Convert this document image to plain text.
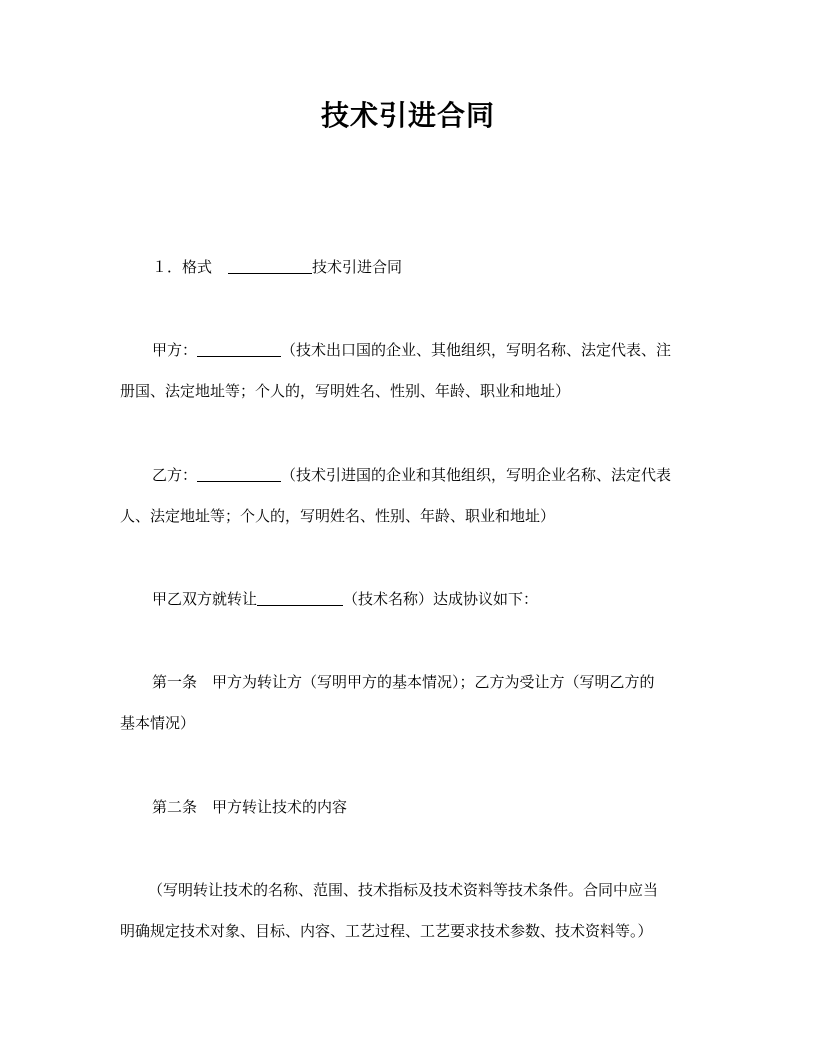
技术引进合同
１．格式	技术引进合同
甲方：	（技术出口国的企业、其他组织，写明名称、法定代表、注
册国、法定地址等；个人的，写明姓名、性别、年龄、职业和地址）
乙方：	（技术引进国的企业和其他组织，写明企业名称、法定代表
人、法定地址等；个人的，写明姓名、性别、年龄、职业和地址）
甲乙双方就转让	（技术名称）达成协议如下：
第一条 甲方为转让方（写明甲方的基本情况）；乙方为受让方（写明乙方的
基本情况）
第二条 甲方转让技术的内容
（写明转让技术的名称、范围、技术指标及技术资料等技术条件。合同中应当
明确规定技术对象、目标、内容、工艺过程、工艺要求技术参数、技术资料等。）
